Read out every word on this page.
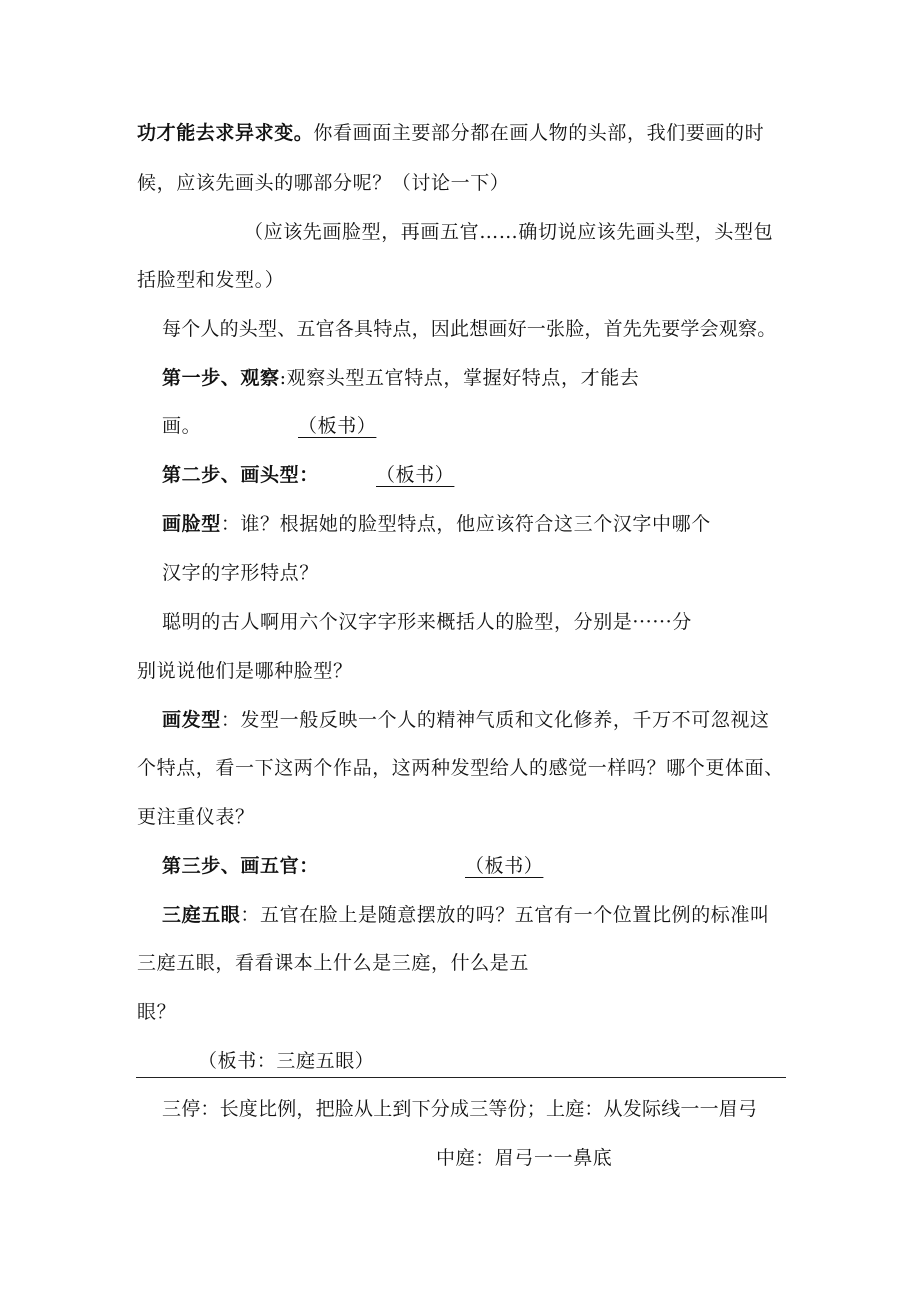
功才能去求异求变。你看画面主要部分都在画人物的头部，我们要画的时
候，应该先画头的哪部分呢？（讨论一下）
（应该先画脸型，再画五官……确切说应该先画头型，头型包
括脸型和发型。）
每个人的头型、五官各具特点，因此想画好一张脸，首先先要学会观察。
第一步、观察:观察头型五官特点，掌握好特点，才能去
画。	（板书）
第二步、画头型：	（板书）
画脸型：谁？根据她的脸型特点，他应该符合这三个汉字中哪个
汉字的字形特点？
聪明的古人啊用六个汉字字形来概括人的脸型，分别是······分
别说说他们是哪种脸型？
画发型：发型一般反映一个人的精神气质和文化修养，千万不可忽视这
个特点，看一下这两个作品，这两种发型给人的感觉一样吗？哪个更体面、
更注重仪表？
第三步、画五官：	（板书）
三庭五眼：五官在脸上是随意摆放的吗？五官有一个位置比例的标准叫
三庭五眼，看看课本上什么是三庭，什么是五
眼？
（板书：三庭五眼）
三停：长度比例，把脸从上到下分成三等份；上庭：从发际线一一眉弓
中庭：眉弓一一鼻底
